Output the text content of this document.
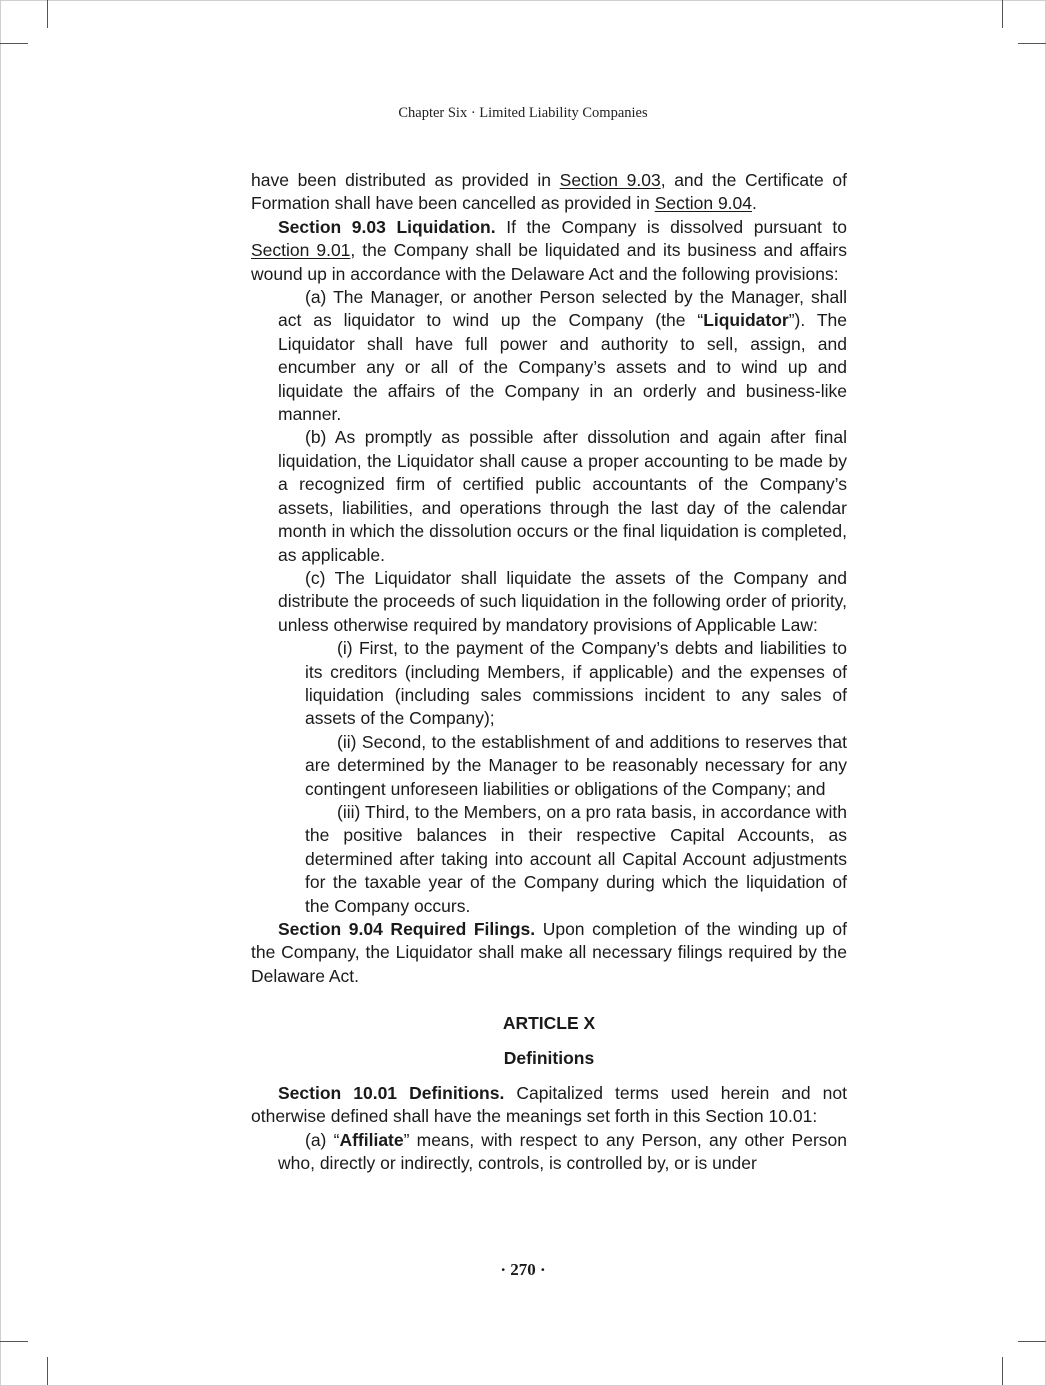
Chapter Six · Limited Liability Companies

have been distributed as provided in Section 9.03, and the Certificate of Formation shall have been cancelled as provided in Section 9.04.

Section 9.03 Liquidation. If the Company is dissolved pursuant to Section 9.01, the Company shall be liquidated and its business and affairs wound up in accordance with the Delaware Act and the following provisions:

(a) The Manager, or another Person selected by the Manager, shall act as liquidator to wind up the Company (the “Liquidator”). The Liquidator shall have full power and authority to sell, assign, and encumber any or all of the Company’s assets and to wind up and liquidate the affairs of the Company in an orderly and business-like manner.

(b) As promptly as possible after dissolution and again after final liquidation, the Liquidator shall cause a proper accounting to be made by a recognized firm of certified public accountants of the Company’s assets, liabilities, and operations through the last day of the calendar month in which the dissolution occurs or the final liquidation is completed, as applicable.

(c) The Liquidator shall liquidate the assets of the Company and distribute the proceeds of such liquidation in the following order of priority, unless otherwise required by mandatory provisions of Applicable Law:

(i) First, to the payment of the Company’s debts and liabilities to its creditors (including Members, if applicable) and the expenses of liquidation (including sales commissions incident to any sales of assets of the Company);

(ii) Second, to the establishment of and additions to reserves that are determined by the Manager to be reasonably necessary for any contingent unforeseen liabilities or obligations of the Company; and

(iii) Third, to the Members, on a pro rata basis, in accordance with the positive balances in their respective Capital Accounts, as determined after taking into account all Capital Account adjustments for the taxable year of the Company during which the liquidation of the Company occurs.

Section 9.04 Required Filings. Upon completion of the winding up of the Company, the Liquidator shall make all necessary filings required by the Delaware Act.

ARTICLE X

Definitions

Section 10.01 Definitions. Capitalized terms used herein and not otherwise defined shall have the meanings set forth in this Section 10.01:

(a) “Affiliate” means, with respect to any Person, any other Person who, directly or indirectly, controls, is controlled by, or is under

· 270 ·
